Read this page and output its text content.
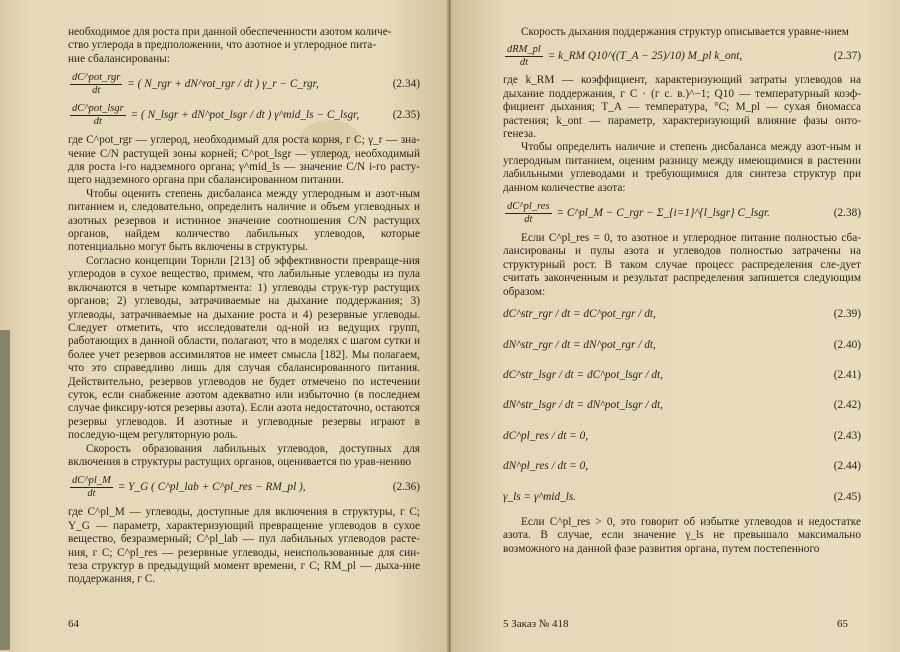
необходимое для роста при данной обеспеченности азотом количе-

ство углерода в предположении, что азотное и углеродное пита-

ние сбалансированы:

$\frac{\text{dC\textasciicircum{}pot\_rgr}}{dt}$ = ( N_rgr + dN^rot_rgr / dt ) γ_r − C_rgr,	(2.34)
$\frac{\text{dC\textasciicircum{}pot\_lsgr}}{dt}$ = ( N_lsgr + dN^pot_lsgr / dt ) γ^mid_ls − C_lsgr,	(2.35)

где C^pot_rgr — углерод, необходимый для роста корня, г C; γ_r — зна-чение C/N растущей зоны корней; C^pot_lsgr — углерод, необходимый для роста i-го надземного органа; γ^mid_ls — значение C/N i-го расту-щего надземного органа при сбалансированном питании.

Чтобы оценить степень дисбаланса между углеродным и азот-ным питанием и, следовательно, определить наличие и объем углеводных и азотных резервов и истинное значение соотношения C/N растущих органов, найдем количество лабильных углеводов, которые потенциально могут быть включены в структуры.

Согласно концепции Торнли [213] об эффективности превраще-ния углеродов в сухое вещество, примем, что лабильные углеводы из пула включаются в четыре компартмента: 1) углеводы струк-тур растущих органов; 2) углеводы, затрачиваемые на дыхание поддержания; 3) углеводы, затрачиваемые на дыхание роста и 4) резервные углеводы. Следует отметить, что исследователи од-ной из ведущих групп, работающих в данной области, полагают, что в моделях с шагом сутки и более учет резервов ассимилятов не имеет смысла [182]. Мы полагаем, что это справедливо лишь для случая сбалансированного питания. Действительно, резервов углеводов не будет отмечено по истечении суток, если снабжение азотом адекватно или избыточно (в последнем случае фиксиру-ются резервы азота). Если азота недостаточно, остаются резервы углеводов. И азотные и углеводные резервы играют в последую-щем регуляторную роль.

Скорость образования лабильных углеводов, доступных для включения в структуры растущих органов, оценивается по урав-нению

$\frac{dC\^{}pl\_M}{dt}$ = Y_G ( C^pl_lab + C^pl_res − RM_pl ),	(2.36)

где C^pl_M — углеводы, доступные для включения в структуры, г C; Y_G — параметр, характеризующий превращение углеводов в сухое вещество, безразмерный; C^pl_lab — пул лабильных углеводов расте-ния, г C; C^pl_res — резервные углеводы, неиспользованные для син-теза структур в предыдущий момент времени, г C; RM_pl — дыха-ние поддержания, г C.

64

Скорость дыхания поддержания структур описывается уравне-нием

$\frac{\text{dRM\_pl}}{dt}$ = k_RM Q10^((T_A − 25)/10) M_pl k_ont,	(2.37)

где k_RM — коэффициент, характеризующий затраты углеводов на дыхание поддержания, г C · (г с. в.)^−1; Q10 — температурный коэф-фициент дыхания; T_A — температура, °C; M_pl — сухая биомасса растения; k_ont — параметр, характеризующий влияние фазы онто-генеза.

Чтобы определить наличие и степень дисбаланса между азот-ным и углеродным питанием, оценим разницу между имеющимися в растении лабильными углеводами и требующимися для синтеза структур при данном количестве азота:

$\frac{\text{dC\textasciicircum{}pl\_res}}{dt}$ = C^pl_M − C_rgr − Σ_{i=1}^{l_lsgr} C_lsgr.	(2.38)

Если C^pl_res = 0, то азотное и углеродное питание полностью сба-лансированы и пулы азота и углеводов полностью затрачены на структурный рост. В таком случае процесс распределения сле-дует считать законченным и результат распределения запишется следующим образом:

dC^str_rgr / dt = dC^pot_rgr / dt,	(2.39)
dN^str_rgr / dt = dN^pot_rgr / dt,	(2.40)
dC^str_lsgr / dt = dC^pot_lsgr / dt,	(2.41)
dN^str_lsgr / dt = dN^pot_lsgr / dt,	(2.42)
dC^pl_res / dt = 0,	(2.43)
dN^pl_res / dt = 0,	(2.44)
γ_ls = γ^mid_ls.	(2.45)

Если C^pl_res > 0, это говорит об избытке углеводов и недостатке азота. В случае, если значение γ_ls не превышало максимально возможного на данной фазе развития органа, путем постепенного

5 Заказ № 418	65
